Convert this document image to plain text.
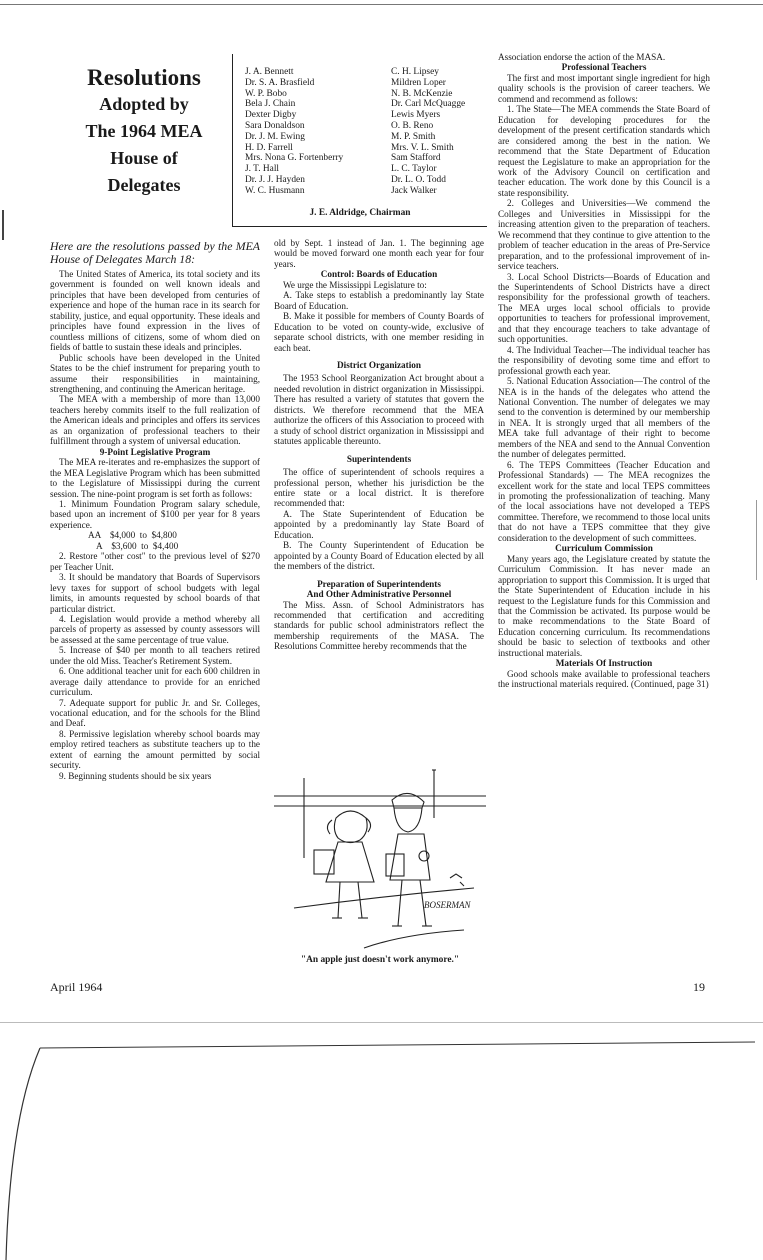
Resolutions
Adopted by
The 1964 MEA
House of
Delegates
J. A. Bennett
Dr. S. A. Brasfield
W. P. Bobo
Bela J. Chain
Dexter Digby
Sara Donaldson
Dr. J. M. Ewing
H. D. Farrell
Mrs. Nona G. Fortenberry
J. T. Hall
Dr. J. J. Hayden
W. C. Husmann
C. H. Lipsey
Mildren Loper
N. B. McKenzie
Dr. Carl McQuagge
Lewis Myers
O. B. Reno
M. P. Smith
Mrs. V. L. Smith
Sam Stafford
L. C. Taylor
Dr. L. O. Todd
Jack Walker
J. E. Aldridge, Chairman

Here are the resolutions passed by the MEA House of Delegates March 18:

The United States of America, its total society and its government is founded on well known ideals and principles that have been developed from centuries of experience and hope of the human race in its search for stability, justice, and equal opportunity. These ideals and principles have found expression in the lives of countless millions of citizens, some of whom died on fields of battle to sustain these ideals and principles.

Public schools have been developed in the United States to be the chief instrument for preparing youth to assume their responsibilities in maintaining, strengthening, and continuing the American heritage.

The MEA with a membership of more than 13,000 teachers hereby commits itself to the full realization of the American ideals and principles and offers its services as an organization of professional teachers to their fulfillment through a system of universal education.

9-Point Legislative Program

The MEA re-iterates and re-emphasizes the support of the MEA Legislative Program which has been submitted to the Legislature of Mississippi during the current session. The nine-point program is set forth as follows:

1. Minimum Foundation Program salary schedule, based upon an increment of $100 per year for 8 years experience.

AA    $4,000  to  $4,800

A    $3,600  to  $4,400

2. Restore "other cost" to the previous level of $270 per Teacher Unit.

3. It should be mandatory that Boards of Supervisors levy taxes for support of school budgets with legal limits, in amounts requested by school boards of that particular district.

4. Legislation would provide a method whereby all parcels of property as assessed by county assessors will be assessed at the same percentage of true value.

5. Increase of $40 per month to all teachers retired under the old Miss. Teacher's Retirement System.

6. One additional teacher unit for each 600 children in average daily attendance to provide for an enriched curriculum.

7. Adequate support for public Jr. and Sr. Colleges, vocational education, and for the schools for the Blind and Deaf.

8. Permissive legislation whereby school boards may employ retired teachers as substitute teachers up to the extent of earning the amount permitted by social security.

9. Beginning students should be six years

old by Sept. 1 instead of Jan. 1. The beginning age would be moved forward one month each year for four years.

Control: Boards of Education

We urge the Mississippi Legislature to:

A. Take steps to establish a predominantly lay State Board of Education.

B. Make it possible for members of County Boards of Education to be voted on county-wide, exclusive of separate school districts, with one member residing in each beat.

District Organization

The 1953 School Reorganization Act brought about a needed revolution in district organization in Mississippi. There has resulted a variety of statutes that govern the districts. We therefore recommend that the MEA authorize the officers of this Association to proceed with a study of school district organization in Mississippi and statutes applicable thereunto.

Superintendents

The office of superintendent of schools requires a professional person, whether his jurisdiction be the entire state or a local district. It is therefore recommended that:

A. The State Superintendent of Education be appointed by a predominantly lay State Board of Education.

B. The County Superintendent of Education be appointed by a County Board of Education elected by all the members of the district.

Preparation of Superintendents

And Other Administrative Personnel

The Miss. Assn. of School Administrators has recommended that certification and accrediting standards for public school administrators reflect the membership requirements of the MASA. The Resolutions Committee hereby recommends that the

BOSERMAN
"An apple just doesn't work anymore."

Association endorse the action of the MASA.

Professional Teachers

The first and most important single ingredient for high quality schools is the provision of career teachers. We commend and recommend as follows:

1. The State—The MEA commends the State Board of Education for developing procedures for the development of the present certification standards which are considered among the best in the nation. We recommend that the State Department of Education request the Legislature to make an appropriation for the work of the Advisory Council on certification and teacher education. The work done by this Council is a state responsibility.

2. Colleges and Universities—We commend the Colleges and Universities in Mississippi for the increasing attention given to the preparation of teachers. We recommend that they continue to give attention to the problem of teacher education in the areas of Pre-Service preparation, and to the professional improvement of in-service teachers.

3. Local School Districts—Boards of Education and the Superintendents of School Districts have a direct responsibility for the professional growth of teachers. The MEA urges local school officials to provide opportunities to teachers for professional improvement, and that they encourage teachers to take advantage of such opportunities.

4. The Individual Teacher—The individual teacher has the responsibility of devoting some time and effort to professional growth each year.

5. National Education Association—The control of the NEA is in the hands of the delegates who attend the National Convention. The number of delegates we may send to the convention is determined by our membership in NEA. It is strongly urged that all members of the MEA take full advantage of their right to become members of the NEA and send to the Annual Convention the number of delegates permitted.

6. The TEPS Committees (Teacher Education and Professional Standards) — The MEA recognizes the excellent work for the state and local TEPS committees in promoting the professionalization of teaching. Many of the local associations have not developed a TEPS committee. Therefore, we recommend to those local units that do not have a TEPS committee that they give consideration to the development of such committees.

Curriculum Commission

Many years ago, the Legislature created by statute the Curriculum Commission. It has never made an appropriation to support this Commission. It is urged that the State Superintendent of Education include in his request to the Legislature funds for this Commission and that the Commission be activated. Its purpose would be to make recommendations to the State Board of Education concerning curriculum. Its recommendations should be basic to selection of textbooks and other instructional materials.

Materials Of Instruction

Good schools make available to professional teachers the instructional materials required. (Continued, page 31)

April 1964	19
